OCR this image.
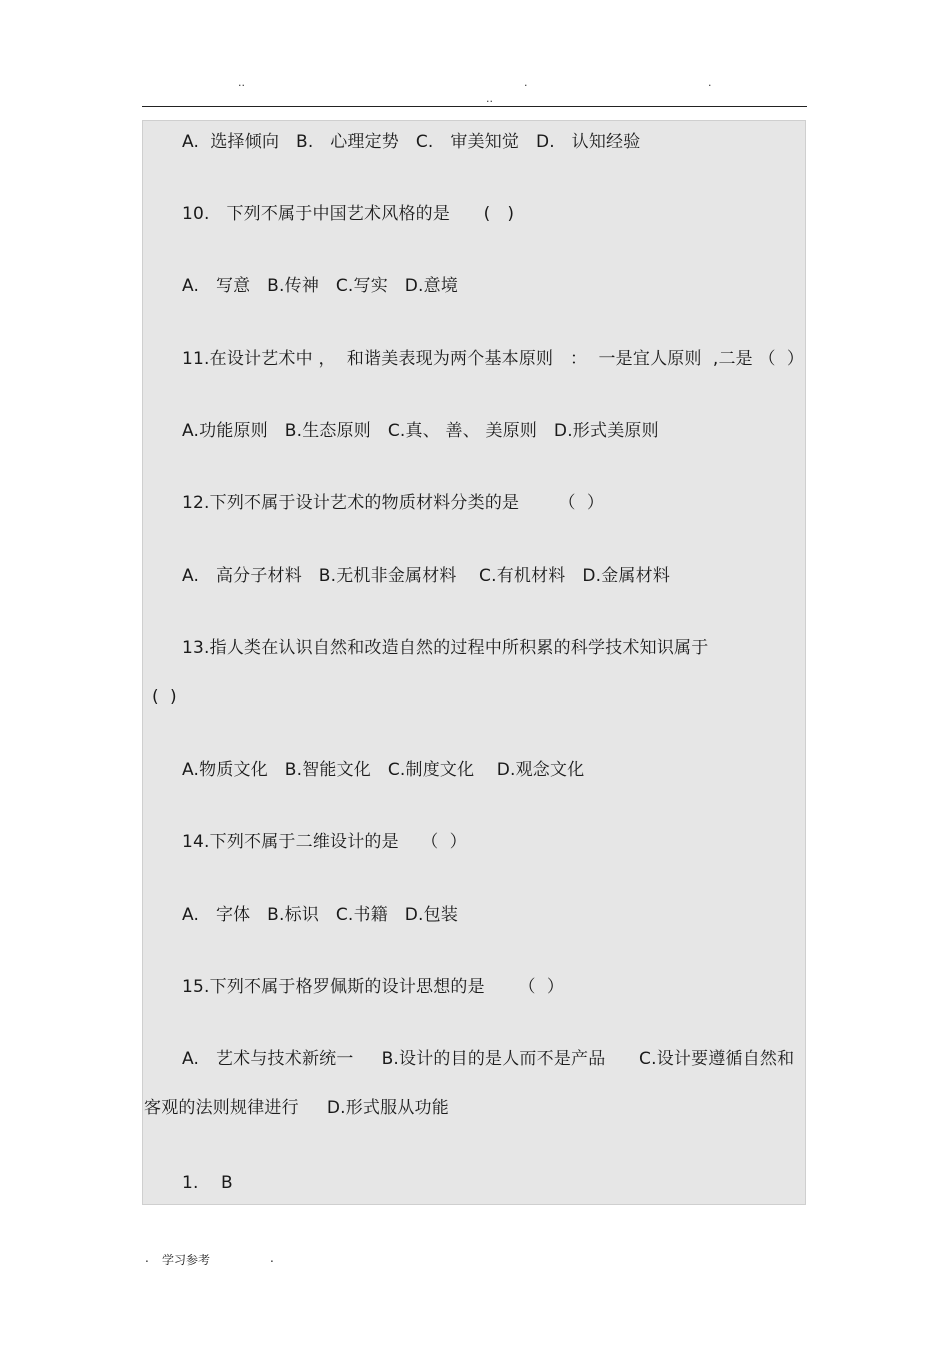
..	.	.
..
A.  选择倾向   B.   心理定势   C.   审美知觉   D.   认知经验
10.   下列不属于中国艺术风格的是      (   )
A.   写意   B.传神   C.写实   D.意境
11.在设计艺术中 ，  和谐美表现为两个基本原则   ：  一是宜人原则  ,二是 （  ）
A.功能原则   B.生态原则   C.真、 善、 美原则   D.形式美原则
12.下列不属于设计艺术的物质材料分类的是       （  ）
A.   高分子材料   B.无机非金属材料    C.有机材料   D.金属材料
13.指人类在认识自然和改造自然的过程中所积累的科学技术知识属于
(  )
A.物质文化   B.智能文化   C.制度文化    D.观念文化
14.下列不属于二维设计的是    （  ）
A.   字体   B.标识   C.书籍   D.包装
15.下列不属于格罗佩斯的设计思想的是      （  ）
A.   艺术与技术新统一     B.设计的目的是人而不是产品      C.设计要遵循自然和
客观的法则规律进行     D.形式服从功能
1.    B
. 学习参考	.
